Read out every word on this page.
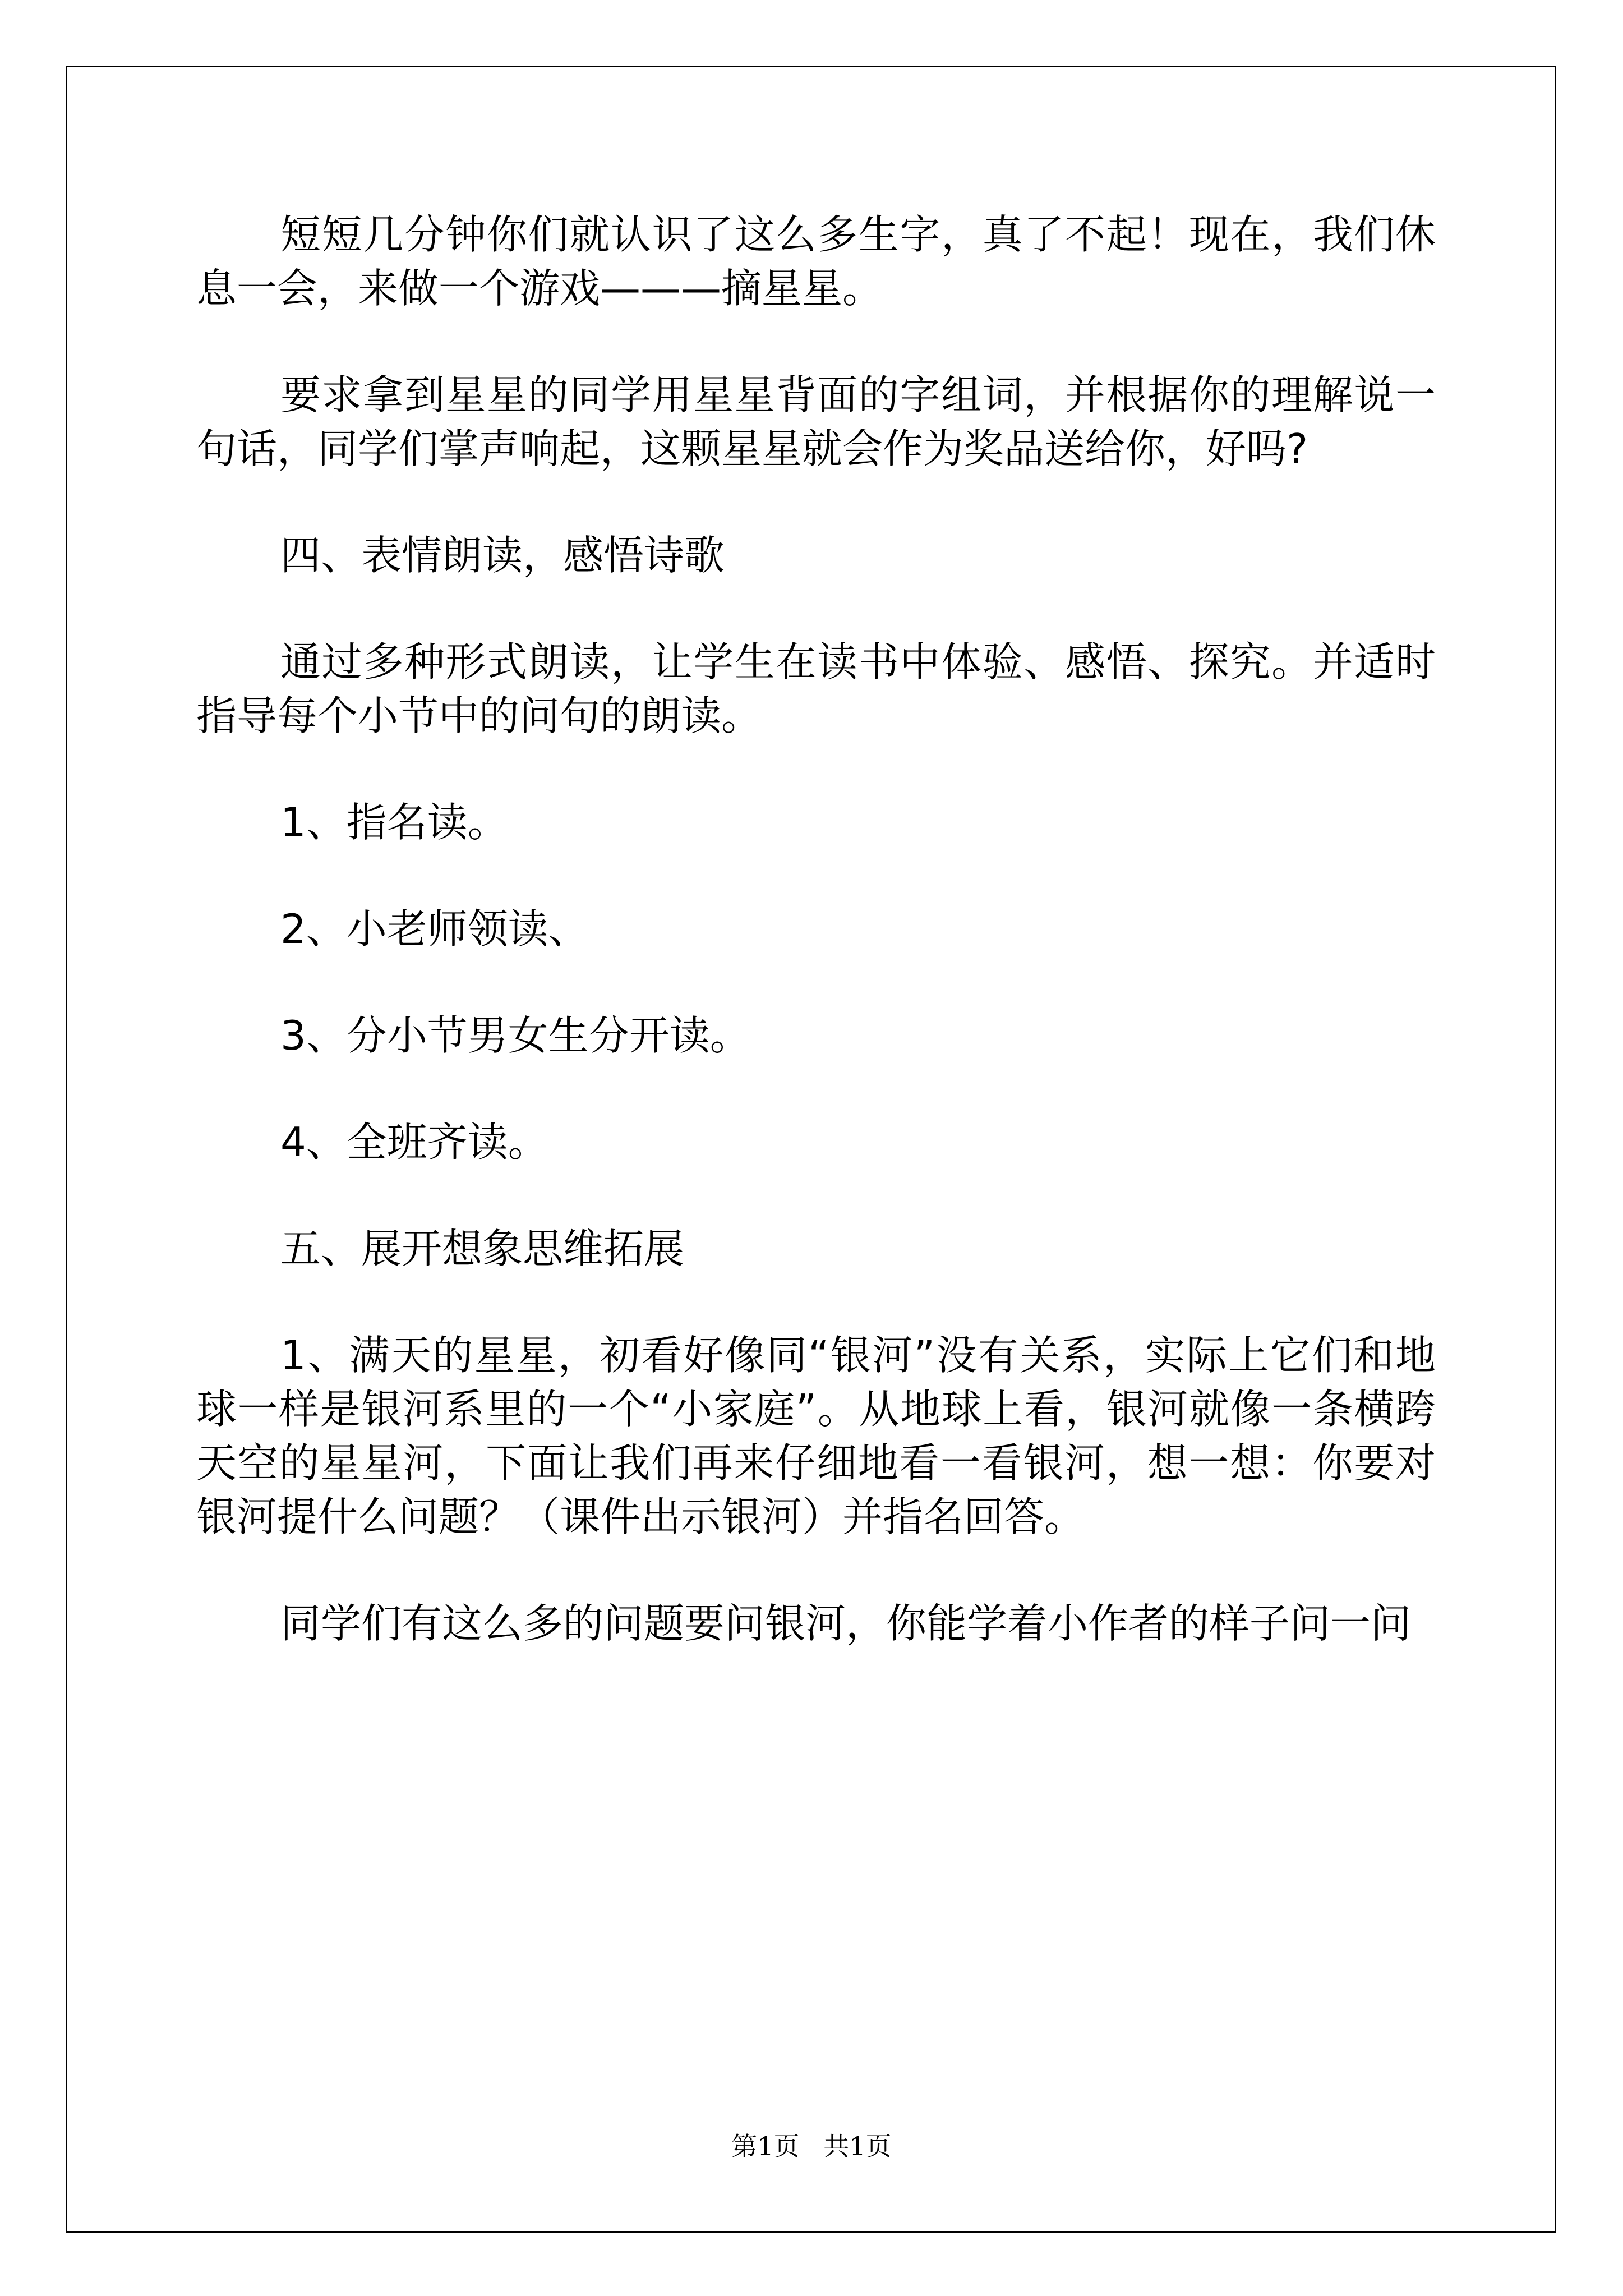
短短几分钟你们就认识了这么多生字，真了不起！现在，我们休息一会，来做一个游戏———摘星星。

要求拿到星星的同学用星星背面的字组词，并根据你的理解说一句话，同学们掌声响起，这颗星星就会作为奖品送给你，好吗?

四、表情朗读，感悟诗歌

通过多种形式朗读，让学生在读书中体验、感悟、探究。并适时指导每个小节中的问句的朗读。

1、指名读。

2、小老师领读、

3、分小节男女生分开读。

4、全班齐读。

五、展开想象思维拓展

1、满天的星星，初看好像同“银河”没有关系，实际上它们和地球一样是银河系里的一个“小家庭”。从地球上看，银河就像一条横跨天空的星星河，下面让我们再来仔细地看一看银河，想一想：你要对银河提什么问题？（课件出示银河）并指名回答。

同学们有这么多的问题要问银河，你能学着小作者的样子问一问

第1页 共1页
